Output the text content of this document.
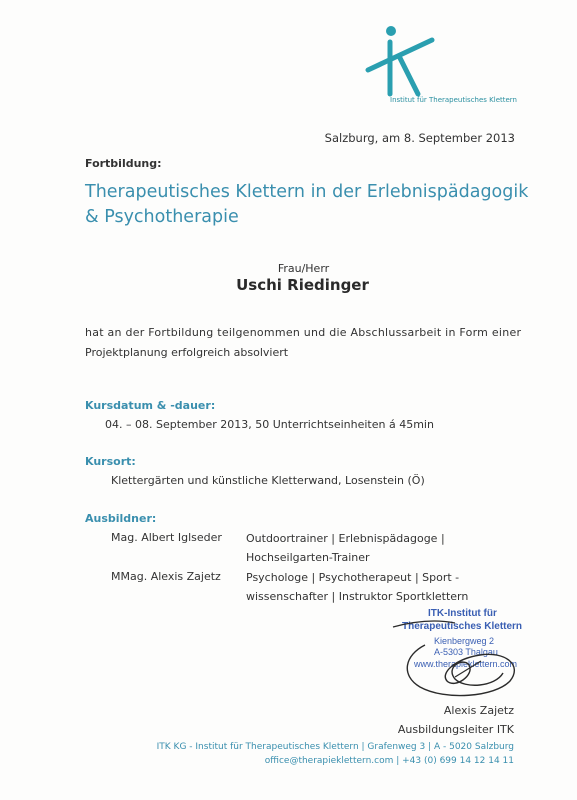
Institut für Therapeutisches Klettern
Salzburg, am 8. September 2013
Fortbildung:
Therapeutisches Klettern in der Erlebnispädagogik
& Psychotherapie
Frau/Herr
Uschi Riedinger
hat an der Fortbildung teilgenommen und die Abschlussarbeit in Form einer
Projektplanung erfolgreich absolviert
Kursdatum & -dauer:
04. – 08. September 2013, 50 Unterrichtseinheiten á 45min
Kursort:
Klettergärten und künstliche Kletterwand, Losenstein (Ö)
Ausbildner:
Mag. Albert Iglseder Outdoortrainer | Erlebnispädagoge |
Hochseilgarten-Trainer
MMag. Alexis Zajetz Psychologe | Psychotherapeut | Sport -
wissenschafter | Instruktor Sportklettern
ITK-Institut für
Therapeutisches Klettern
Kienbergweg 2
A-5303 Thalgau
www.therapieklettern.com
Alexis Zajetz
Ausbildungsleiter ITK
ITK KG - Institut für Therapeutisches Klettern | Grafenweg 3 | A - 5020 Salzburg
office@therapieklettern.com | +43 (0) 699 14 12 14 11
